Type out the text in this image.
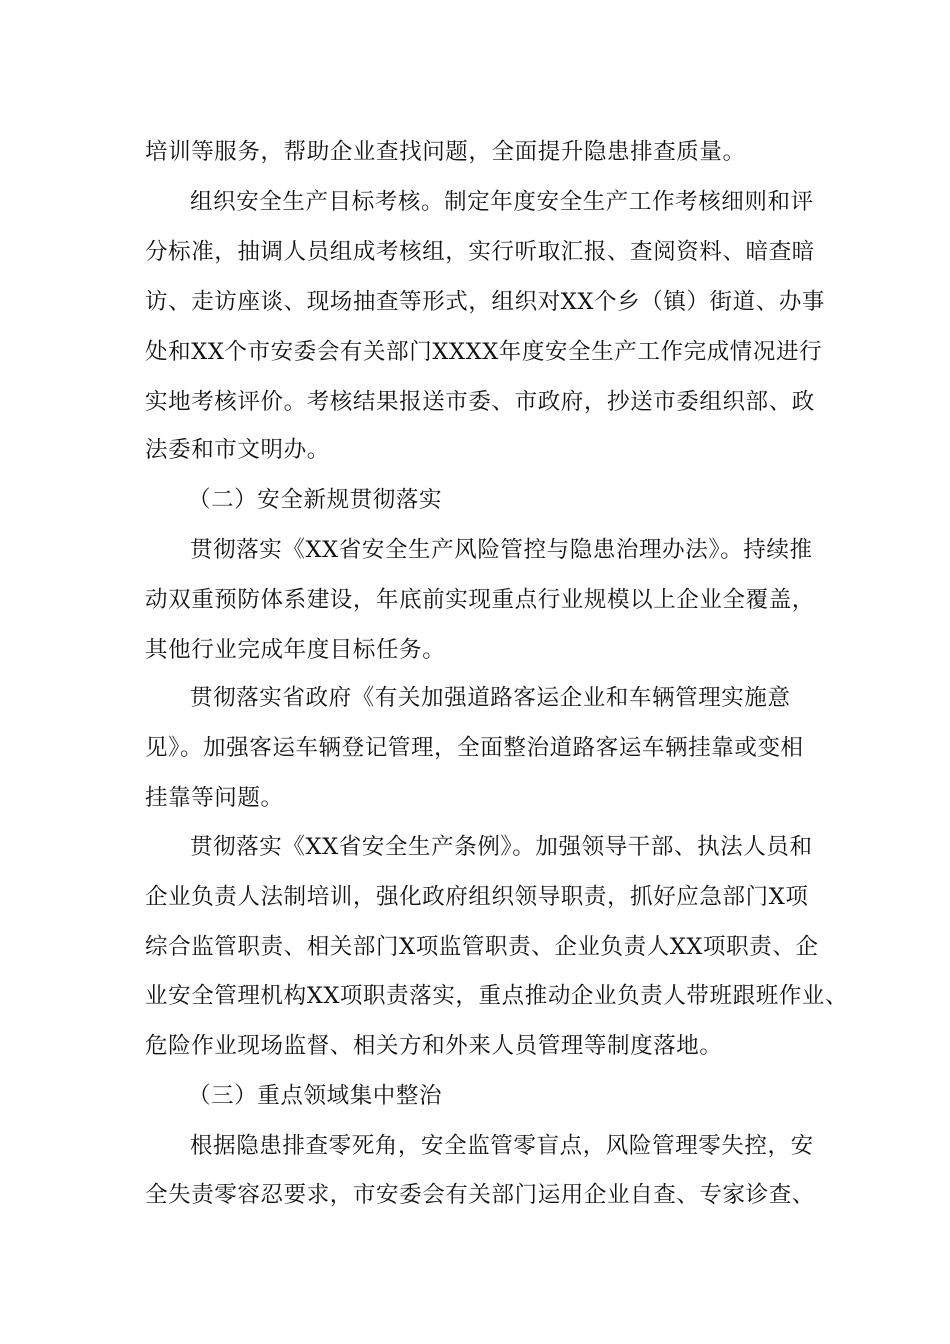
培训等服务，帮助企业查找问题，全面提升隐患排查质量。
组织安全生产目标考核。制定年度安全生产工作考核细则和评
分标准，抽调人员组成考核组，实行听取汇报、查阅资料、暗查暗
访、走访座谈、现场抽查等形式，组织对XX个乡（镇）街道、办事
处和XX个市安委会有关部门XXXX年度安全生产工作完成情况进行
实地考核评价。考核结果报送市委、市政府，抄送市委组织部、政
法委和市文明办。
（二）安全新规贯彻落实
贯彻落实《XX省安全生产风险管控与隐患治理办法》。持续推
动双重预防体系建设，年底前实现重点行业规模以上企业全覆盖，
其他行业完成年度目标任务。
贯彻落实省政府《有关加强道路客运企业和车辆管理实施意
见》。加强客运车辆登记管理，全面整治道路客运车辆挂靠或变相
挂靠等问题。
贯彻落实《XX省安全生产条例》。加强领导干部、执法人员和
企业负责人法制培训，强化政府组织领导职责，抓好应急部门X项
综合监管职责、相关部门X项监管职责、企业负责人XX项职责、企
业安全管理机构XX项职责落实，重点推动企业负责人带班跟班作业、
危险作业现场监督、相关方和外来人员管理等制度落地。
（三）重点领域集中整治
根据隐患排查零死角，安全监管零盲点，风险管理零失控，安
全失责零容忍要求，市安委会有关部门运用企业自查、专家诊查、
